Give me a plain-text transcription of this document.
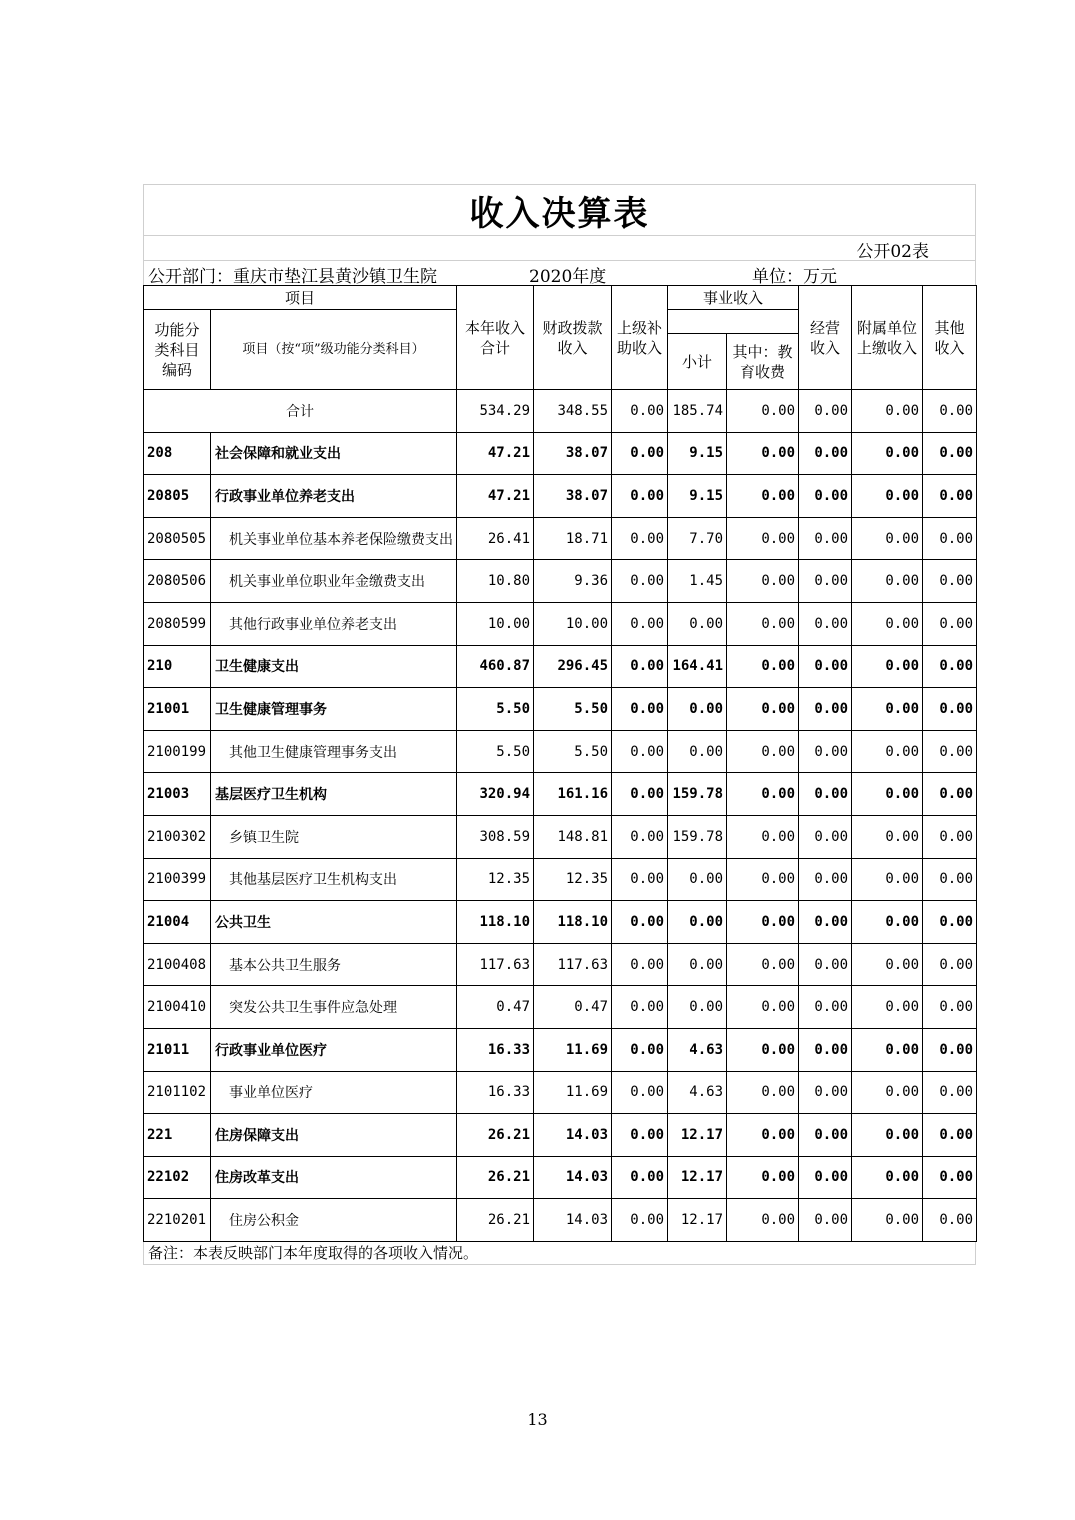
收入决算表
公开02表
公开部门：重庆市垫江县黄沙镇卫生院	2020年度	单位：万元
项目		本年收入合计	财政拨款收入	上级补助收入	事业收入		经营收入	附属单位上缴收入	其他收入

功能分类科目编码	项目（按“项”级功能分类科目）								
					小计	其中：教育收费			

合计		534.29	348.55	0.00	185.74	0.00	0.00	0.00	0.00
208	社会保障和就业支出	47.21	38.07	0.00	9.15	0.00	0.00	0.00	0.00
20805	行政事业单位养老支出	47.21	38.07	0.00	9.15	0.00	0.00	0.00	0.00
2080505	机关事业单位基本养老保险缴费支出	26.41	18.71	0.00	7.70	0.00	0.00	0.00	0.00
2080506	机关事业单位职业年金缴费支出	10.80	9.36	0.00	1.45	0.00	0.00	0.00	0.00
2080599	其他行政事业单位养老支出	10.00	10.00	0.00	0.00	0.00	0.00	0.00	0.00
210	卫生健康支出	460.87	296.45	0.00	164.41	0.00	0.00	0.00	0.00
21001	卫生健康管理事务	5.50	5.50	0.00	0.00	0.00	0.00	0.00	0.00
2100199	其他卫生健康管理事务支出	5.50	5.50	0.00	0.00	0.00	0.00	0.00	0.00
21003	基层医疗卫生机构	320.94	161.16	0.00	159.78	0.00	0.00	0.00	0.00
2100302	乡镇卫生院	308.59	148.81	0.00	159.78	0.00	0.00	0.00	0.00
2100399	其他基层医疗卫生机构支出	12.35	12.35	0.00	0.00	0.00	0.00	0.00	0.00
21004	公共卫生	118.10	118.10	0.00	0.00	0.00	0.00	0.00	0.00
2100408	基本公共卫生服务	117.63	117.63	0.00	0.00	0.00	0.00	0.00	0.00
2100410	突发公共卫生事件应急处理	0.47	0.47	0.00	0.00	0.00	0.00	0.00	0.00
21011	行政事业单位医疗	16.33	11.69	0.00	4.63	0.00	0.00	0.00	0.00
2101102	事业单位医疗	16.33	11.69	0.00	4.63	0.00	0.00	0.00	0.00
221	住房保障支出	26.21	14.03	0.00	12.17	0.00	0.00	0.00	0.00
22102	住房改革支出	26.21	14.03	0.00	12.17	0.00	0.00	0.00	0.00
2210201	住房公积金	26.21	14.03	0.00	12.17	0.00	0.00	0.00	0.00
备注：本表反映部门本年度取得的各项收入情况。
13
